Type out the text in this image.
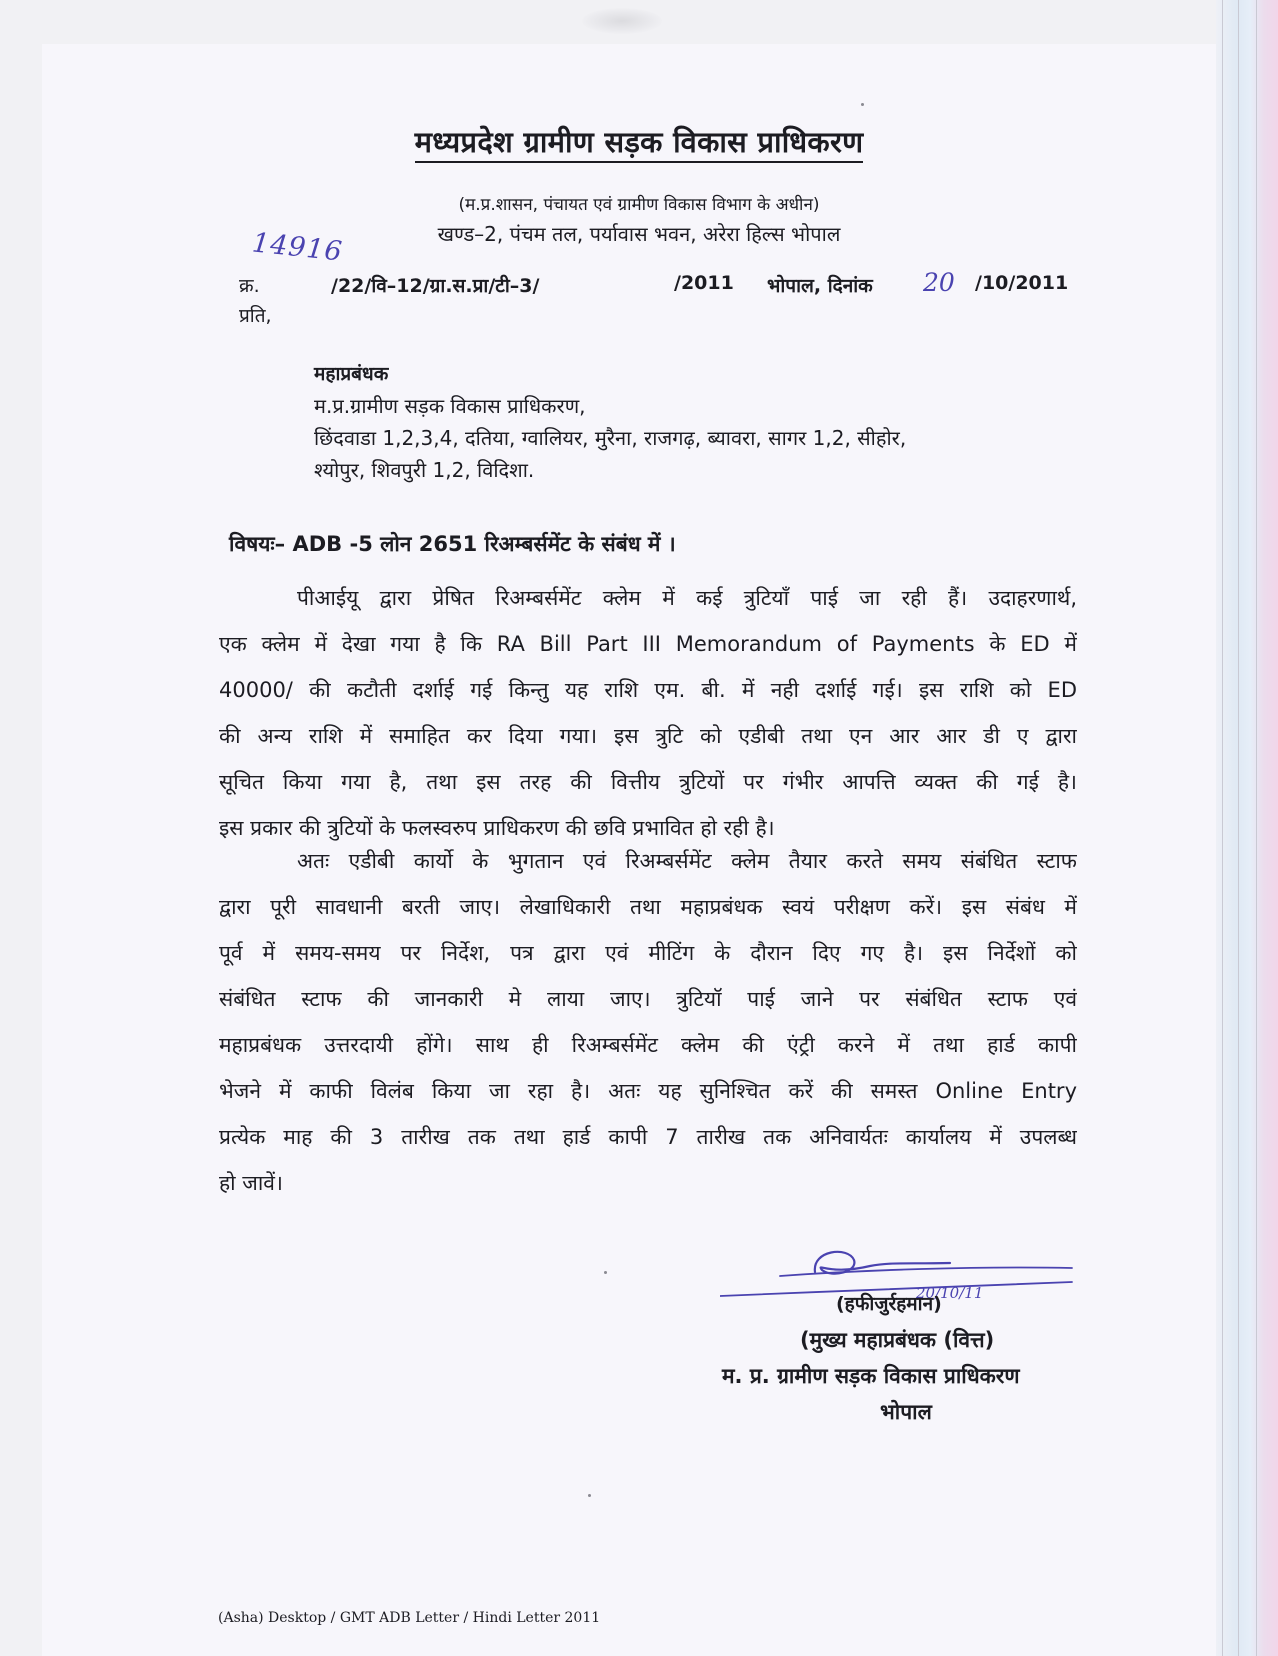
मध्यप्रदेश ग्रामीण सड़क विकास प्राधिकरण
(म.प्र.शासन, पंचायत एवं ग्रामीण विकास विभाग के अधीन)
खण्ड–2, पंचम तल, पर्यावास भवन, अरेरा हिल्स भोपाल
14916
क्र.	/22/वि–12/ग्रा.स.प्रा/टी–3/	/2011 भोपाल, दिनांक 20 /10/2011
प्रति,
महाप्रबंधक
म.प्र.ग्रामीण सड़क विकास प्राधिकरण,
छिंदवाडा 1,2,3,4, दतिया, ग्वालियर, मुरैना, राजगढ़, ब्यावरा, सागर 1,2, सीहोर,
श्योपुर, शिवपुरी 1,2, विदिशा.
विषयः– ADB -5 लोन 2651 रिअम्बर्समेंट के संबंध में ।
पीआईयू द्वारा प्रेषित रिअम्बर्समेंट क्लेम में कई त्रुटियाँ पाई जा रही हैं। उदाहरणार्थ,
एक क्लेम में देखा गया है कि RA Bill Part III Memorandum of Payments के ED में
40000/ की कटौती दर्शाई गई किन्तु यह राशि एम. बी. में नही दर्शाई गई। इस राशि को ED
की अन्य राशि में समाहित कर दिया गया। इस त्रुटि को एडीबी तथा एन आर आर डी ए द्वारा
सूचित किया गया है, तथा इस तरह की वित्तीय त्रुटियों पर गंभीर आपत्ति व्यक्त की गई है।
इस प्रकार की त्रुटियों के फलस्वरुप प्राधिकरण की छवि प्रभावित हो रही है।
अतः एडीबी कार्यो के भुगतान एवं रिअम्बर्समेंट क्लेम तैयार करते समय संबंधित स्टाफ
द्वारा पूरी सावधानी बरती जाए। लेखाधिकारी तथा महाप्रबंधक स्वयं परीक्षण करें। इस संबंध में
पूर्व में समय-समय पर निर्देश, पत्र द्वारा एवं मीटिंग के दौरान दिए गए है। इस निर्देशों को
संबंधित स्टाफ की जानकारी मे लाया जाए। त्रुटियॉ पाई जाने पर संबंधित स्टाफ एवं
महाप्रबंधक उत्तरदायी होंगे। साथ ही रिअम्बर्समेंट क्लेम की एंट्री करने में तथा हार्ड कापी
भेजने में काफी विलंब किया जा रहा है। अतः यह सुनिश्चित करें की समस्त Online Entry
प्रत्येक माह की 3 तारीख तक तथा हार्ड कापी 7 तारीख तक अनिवार्यतः कार्यालय में उपलब्ध
हो जावें।
20/10/11
(हफीजुर्रहमान)
(मुख्य महाप्रबंधक (वित्त)
म. प्र. ग्रामीण सड़क विकास प्राधिकरण
भोपाल
(Asha) Desktop / GMT ADB Letter / Hindi Letter 2011
